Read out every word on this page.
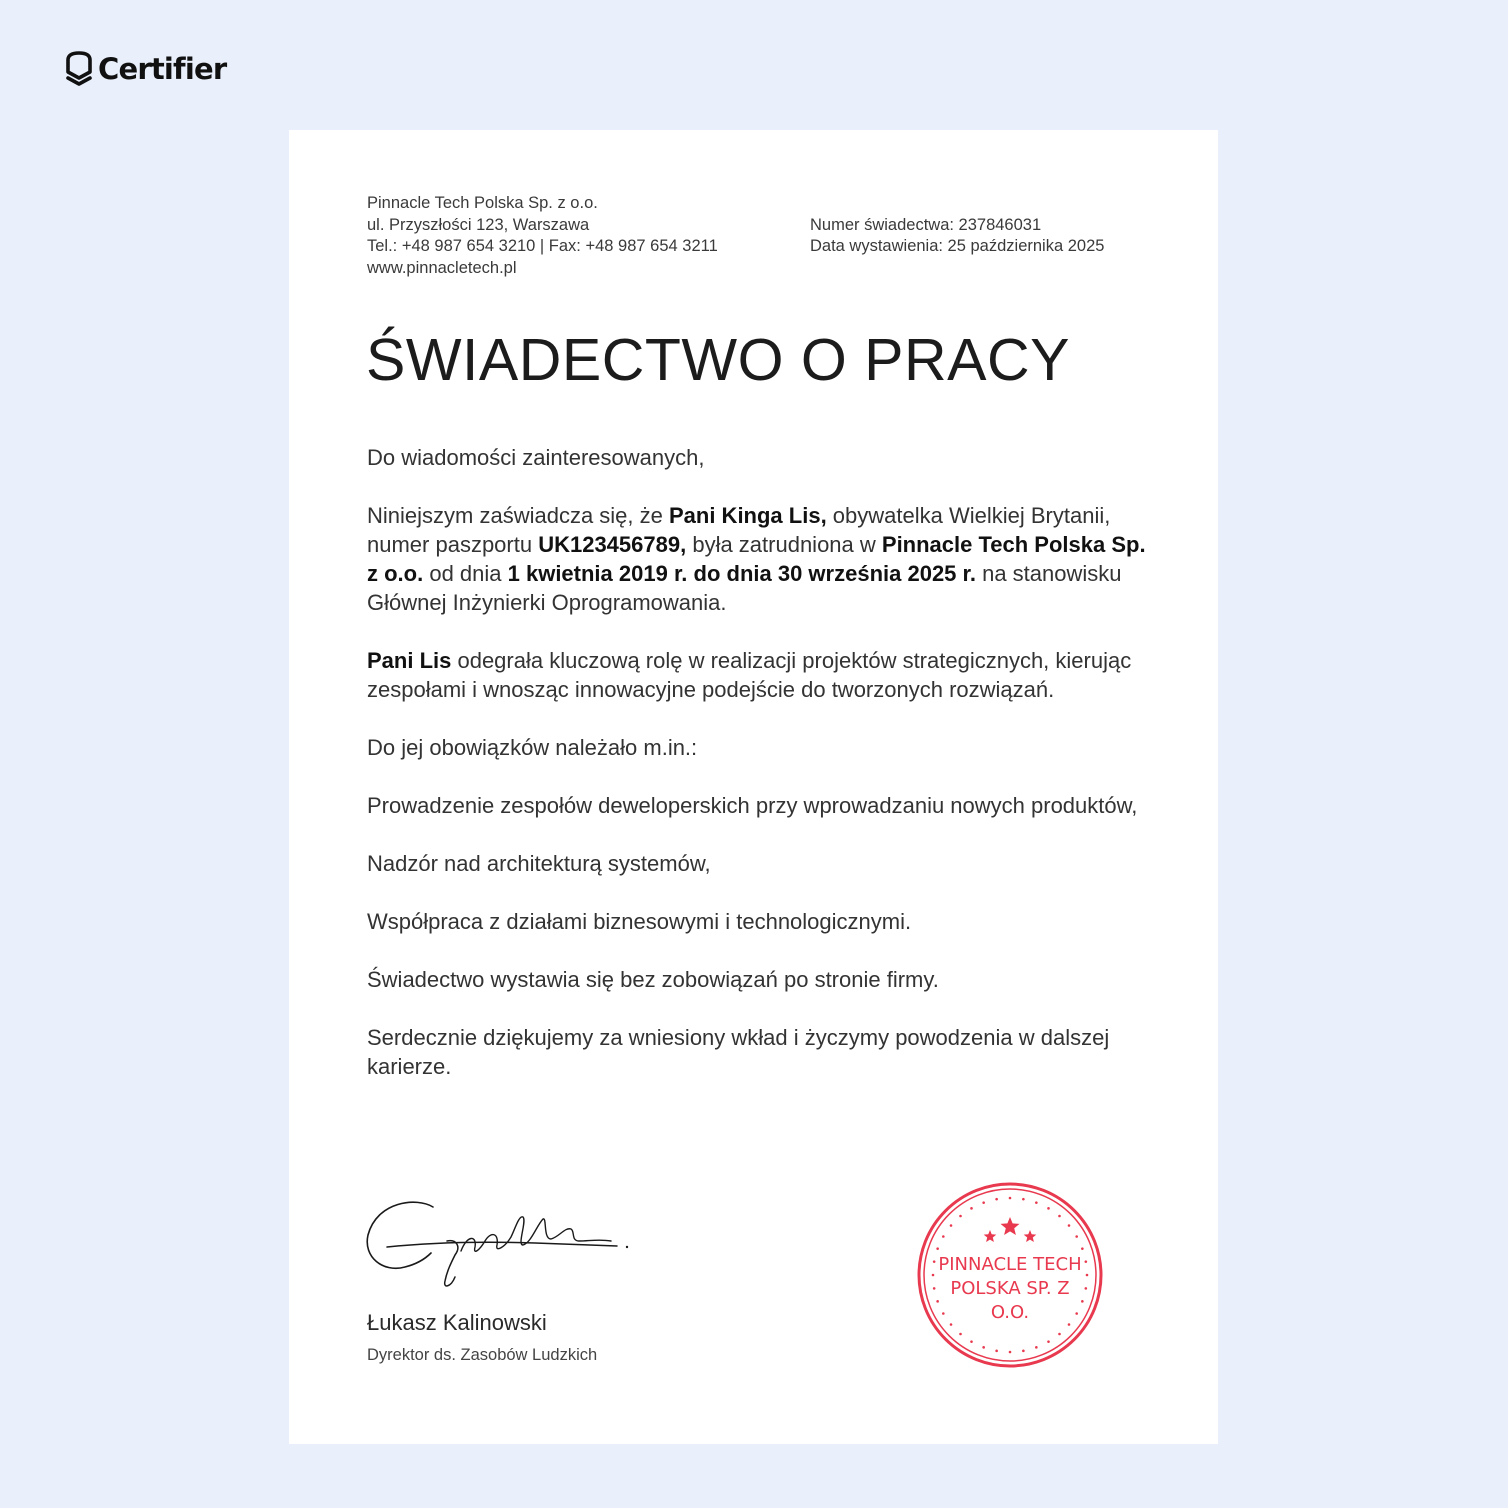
Certifier
Pinnacle Tech Polska Sp. z o.o.
ul. Przyszłości 123, Warszawa
Tel.: +48 987 654 3210 | Fax: +48 987 654 3211
www.pinnacletech.pl
Numer świadectwa: 237846031
Data wystawienia: 25 października 2025
ŚWIADECTWO O PRACY

Do wiadomości zainteresowanych,

Niniejszym zaświadcza się, że Pani Kinga Lis, obywatelka Wielkiej Brytanii, numer paszportu UK123456789, była zatrudniona w Pinnacle Tech Polska Sp. z o.o. od dnia 1 kwietnia 2019 r. do dnia 30 września 2025 r. na stanowisku Głównej Inżynierki Oprogramowania.

Pani Lis odegrała kluczową rolę w realizacji projektów strategicznych, kierując zespołami i wnosząc innowacyjne podejście do tworzonych rozwiązań.

Do jej obowiązków należało m.in.:

Prowadzenie zespołów deweloperskich przy wprowadzaniu nowych produktów,

Nadzór nad architekturą systemów,

Współpraca z działami biznesowymi i technologicznymi.

Świadectwo wystawia się bez zobowiązań po stronie firmy.

Serdecznie dziękujemy za wniesiony wkład i życzymy powodzenia w dalszej karierze.

Łukasz Kalinowski
Dyrektor ds. Zasobów Ludzkich
PINNACLE TECH
POLSKA SP. Z
O.O.
